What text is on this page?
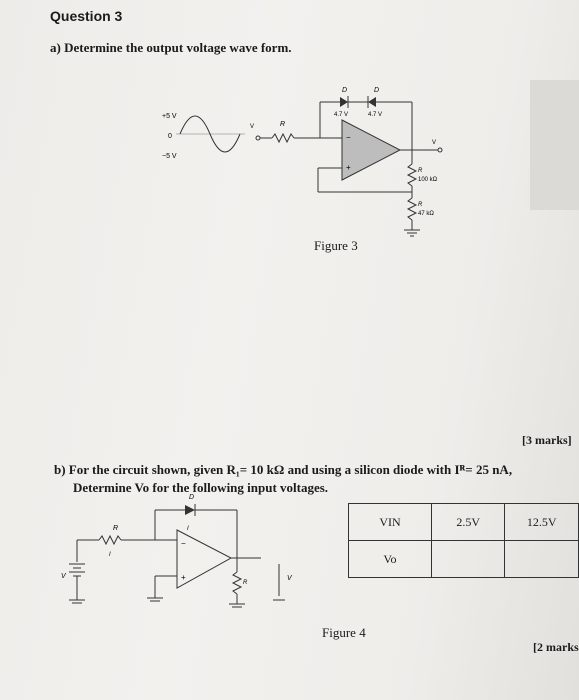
Question 3
a) Determine the output voltage wave form.
+5 V
0
−5 V
V	R
D	D
4.7 V	4.7 V
−
+
V
R
100 kΩ
R
47 kΩ
Figure 3
[3 marks]
b) For the circuit shown, given R₁= 10 kΩ and using a silicon diode with Iᴿ= 25 nA,
Determine Vo for the following input voltages.
D
I
R
I
V
−
+
R
V
VIN	2.5V	12.5V
Vo		
Figure 4
[2 marks
